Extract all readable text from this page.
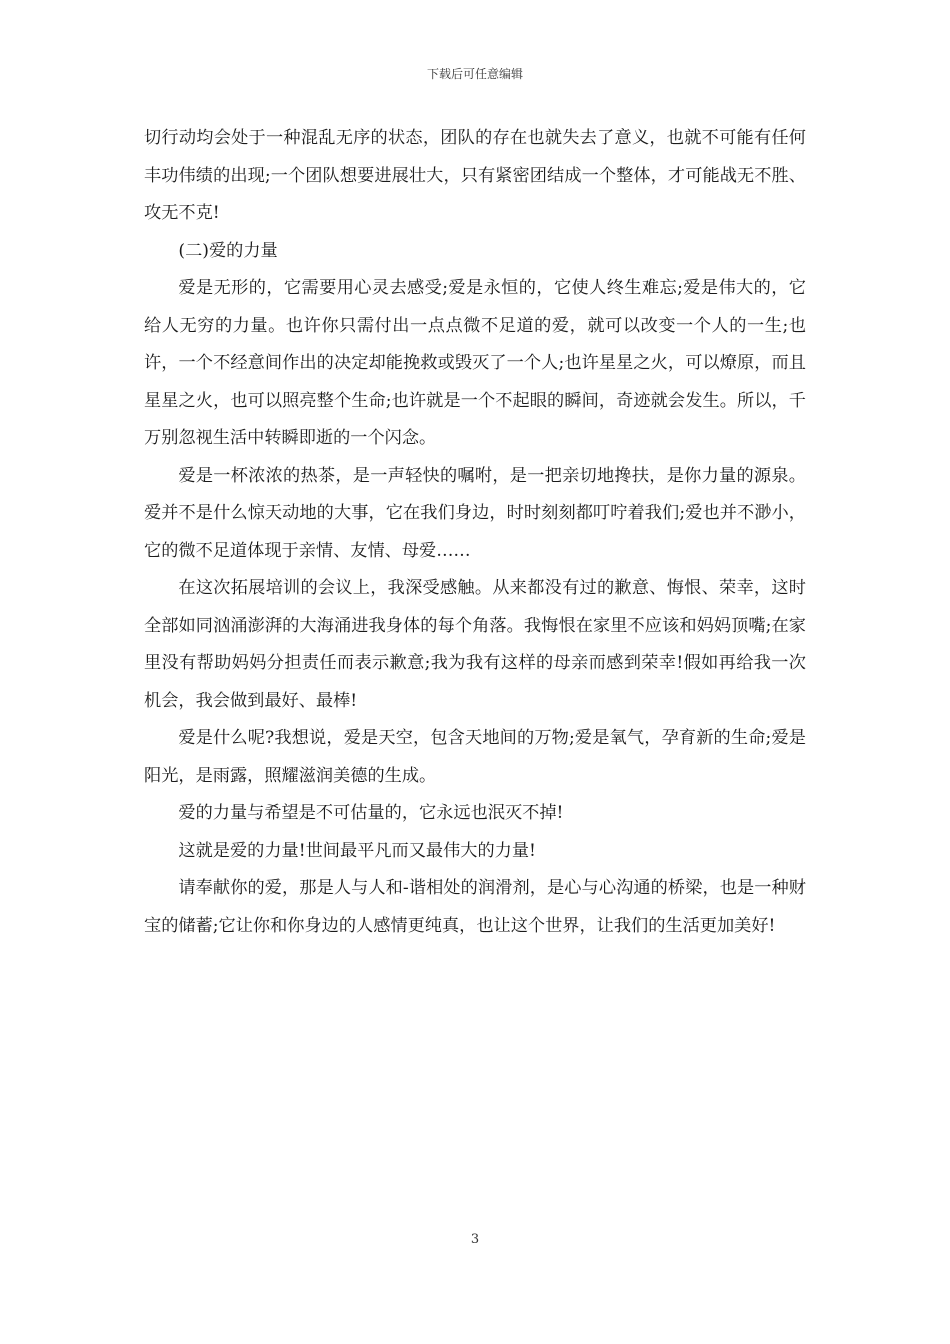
下载后可任意编辑

切行动均会处于一种混乱无序的状态，团队的存在也就失去了意义，也就不可能有任何丰功伟绩的出现;一个团队想要进展壮大，只有紧密团结成一个整体，才可能战无不胜、攻无不克!

(二)爱的力量

爱是无形的，它需要用心灵去感受;爱是永恒的，它使人终生难忘;爱是伟大的，它给人无穷的力量。也许你只需付出一点点微不足道的爱，就可以改变一个人的一生;也许，一个不经意间作出的决定却能挽救或毁灭了一个人;也许星星之火，可以燎原，而且星星之火，也可以照亮整个生命;也许就是一个不起眼的瞬间，奇迹就会发生。所以，千万别忽视生活中转瞬即逝的一个闪念。

爱是一杯浓浓的热茶，是一声轻快的嘱咐，是一把亲切地搀扶，是你力量的源泉。爱并不是什么惊天动地的大事，它在我们身边，时时刻刻都叮咛着我们;爱也并不渺小，它的微不足道体现于亲情、友情、母爱……

在这次拓展培训的会议上，我深受感触。从来都没有过的歉意、悔恨、荣幸，这时全部如同汹涌澎湃的大海涌进我身体的每个角落。我悔恨在家里不应该和妈妈顶嘴;在家里没有帮助妈妈分担责任而表示歉意;我为我有这样的母亲而感到荣幸!假如再给我一次机会，我会做到最好、最棒!

爱是什么呢?我想说，爱是天空，包含天地间的万物;爱是氧气，孕育新的生命;爱是阳光，是雨露，照耀滋润美德的生成。

爱的力量与希望是不可估量的，它永远也泯灭不掉!

这就是爱的力量!世间最平凡而又最伟大的力量!

请奉献你的爱，那是人与人和-谐相处的润滑剂，是心与心沟通的桥梁，也是一种财宝的储蓄;它让你和你身边的人感情更纯真，也让这个世界，让我们的生活更加美好!

3
